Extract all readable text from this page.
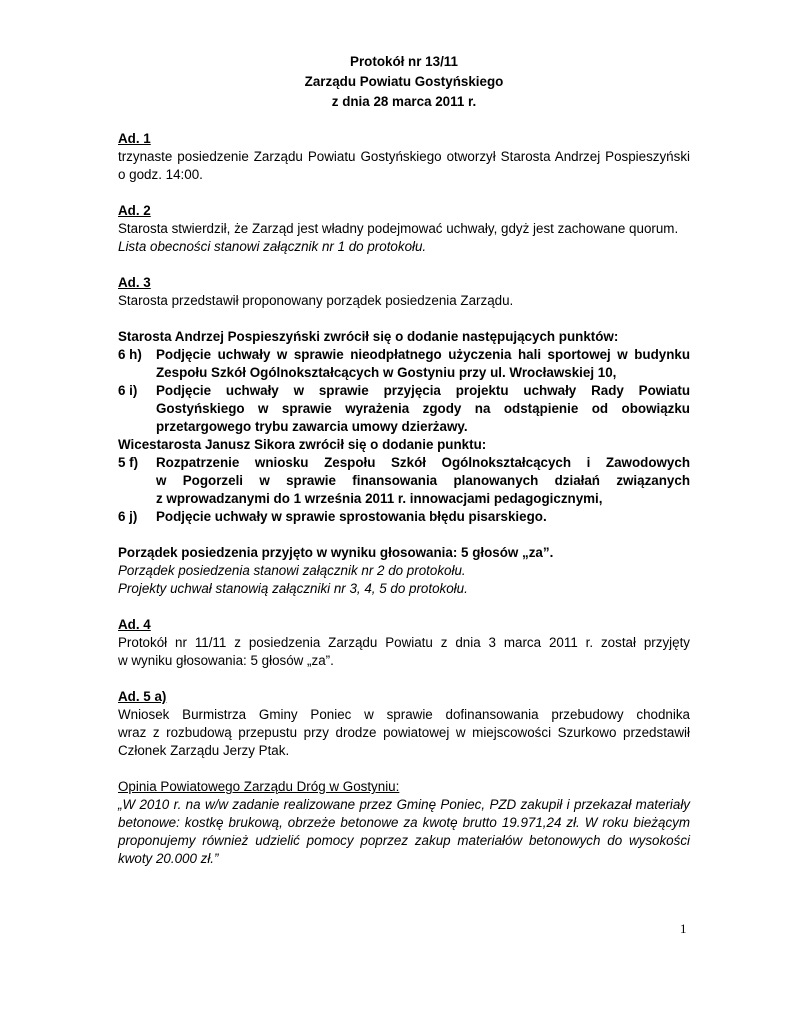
Protokół nr 13/11
Zarządu Powiatu Gostyńskiego
z dnia 28 marca 2011 r.
Ad. 1
trzynaste posiedzenie Zarządu Powiatu Gostyńskiego otworzył Starosta Andrzej Pospieszyński
o godz. 14:00.
Ad. 2
Starosta stwierdził, że Zarząd jest władny podejmować uchwały, gdyż jest zachowane quorum.
Lista obecności stanowi załącznik nr 1 do protokołu.
Ad. 3
Starosta przedstawił proponowany porządek posiedzenia Zarządu.
Starosta Andrzej Pospieszyński zwrócił się o dodanie następujących punktów:
6 h)	Podjęcie uchwały w sprawie nieodpłatnego użyczenia hali sportowej w budynku
Zespołu Szkół Ogólnokształcących w Gostyniu przy ul. Wrocławskiej 10,
6 i)	Podjęcie uchwały w sprawie przyjęcia projektu uchwały Rady Powiatu
Gostyńskiego w sprawie wyrażenia zgody na odstąpienie od obowiązku
przetargowego trybu zawarcia umowy dzierżawy.
Wicestarosta Janusz Sikora zwrócił się o dodanie punktu:
5 f)	Rozpatrzenie wniosku Zespołu Szkół Ogólnokształcących i Zawodowych
w Pogorzeli w sprawie finansowania planowanych działań związanych
z wprowadzanymi do 1 września 2011 r. innowacjami pedagogicznymi,
6 j)	Podjęcie uchwały w sprawie sprostowania błędu pisarskiego.
Porządek posiedzenia przyjęto w wyniku głosowania: 5 głosów „za”.
Porządek posiedzenia stanowi załącznik nr 2 do protokołu.
Projekty uchwał stanowią załączniki nr 3, 4, 5 do protokołu.
Ad. 4
Protokół nr 11/11 z posiedzenia Zarządu Powiatu z dnia 3 marca 2011 r. został przyjęty
w wyniku głosowania: 5 głosów „za”.
Ad. 5 a)
Wniosek Burmistrza Gminy Poniec w sprawie dofinansowania przebudowy chodnika
wraz z rozbudową przepustu przy drodze powiatowej w miejscowości Szurkowo przedstawił
Członek Zarządu Jerzy Ptak.
Opinia Powiatowego Zarządu Dróg w Gostyniu:
„W 2010 r. na w/w zadanie realizowane przez Gminę Poniec, PZD zakupił i przekazał materiały
betonowe: kostkę brukową, obrzeże betonowe za kwotę brutto 19.971,24 zł. W roku bieżącym
proponujemy również udzielić pomocy poprzez zakup materiałów betonowych do wysokości
kwoty 20.000 zł.”
1
